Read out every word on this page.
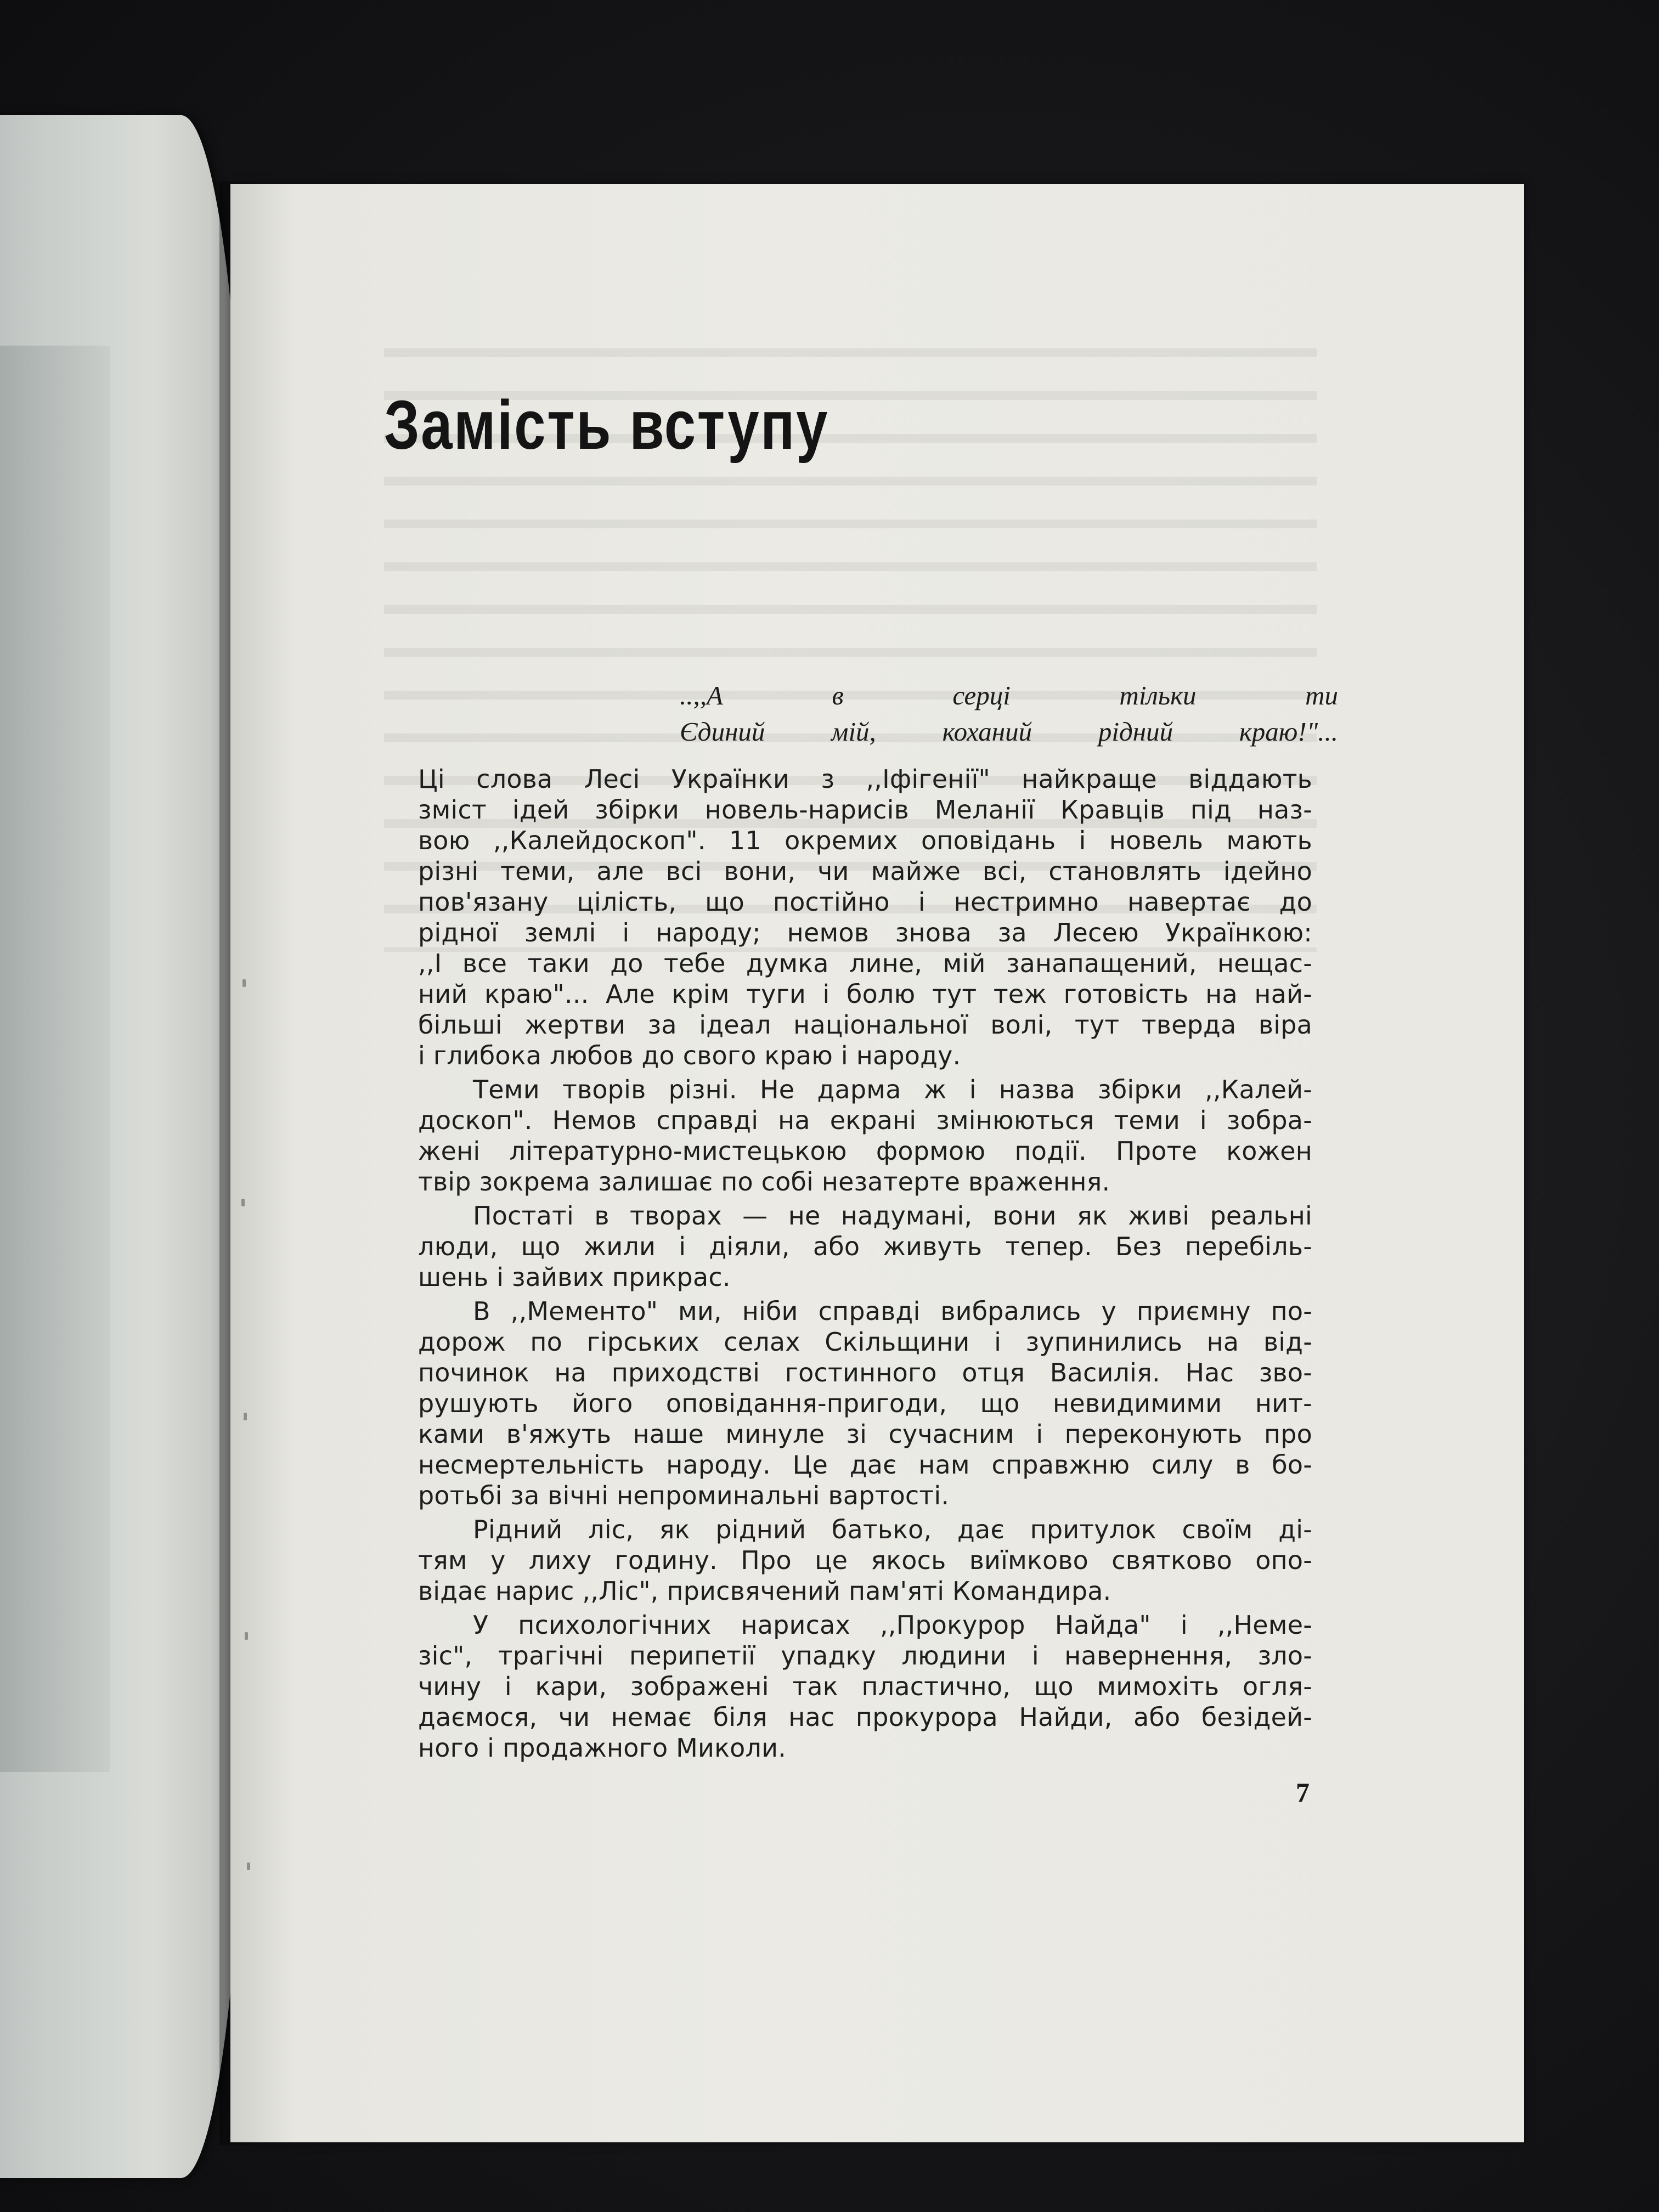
Замість вступу
..,,А в серці тільки ти
Єдиний мій, коханий рідний краю!"...
Ці слова Лесі Українки з ,,Іфігенії" найкраще віддають
зміст ідей збірки новель-нарисів Меланії Кравців під наз-
вою ,,Калейдоскоп". 11 окремих оповідань і новель мають
різні теми, але всі вони, чи майже всі, становлять ідейно
пов'язану цілість, що постійно і нестримно навертає до
рідної землі і народу; немов знова за Лесею Українкою:
,,І все таки до тебе думка лине, мій занапащений, нещас-
ний краю"... Але крім туги і болю тут теж готовість на най-
більші жертви за ідеал національної волі, тут тверда віра
і глибока любов до свого краю і народу.
Теми творів різні. Не дарма ж і назва збірки ,,Калей-
доскоп". Немов справді на екрані змінюються теми і зобра-
жені літературно-мистецькою формою події. Проте кожен
твір зокрема залишає по собі незатерте враження.
Постаті в творах — не надумані, вони як живі реальні
люди, що жили і діяли, або живуть тепер. Без перебіль-
шень і зайвих прикрас.
В ,,Мементо" ми, ніби справді вибрались у приємну по-
дорож по гірських селах Скільщини і зупинились на від-
починок на приходстві гостинного отця Василія. Нас зво-
рушують його оповідання-пригоди, що невидимими нит-
ками в'яжуть наше минуле зі сучасним і переконують про
несмертельність народу. Це дає нам справжню силу в бо-
ротьбі за вічні непроминальні вартості.
Рідний ліс, як рідний батько, дає притулок своїм ді-
тям у лиху годину. Про це якось виїмково святково опо-
відає нарис ,,Ліс", присвячений пам'яті Командира.
У психологічних нарисах ,,Прокурор Найда" і ,,Неме-
зіс", трагічні перипетії упадку людини і навернення, зло-
чину і кари, зображені так пластично, що мимохіть огля-
даємося, чи немає біля нас прокурора Найди, або безідей-
ного і продажного Миколи.
7
